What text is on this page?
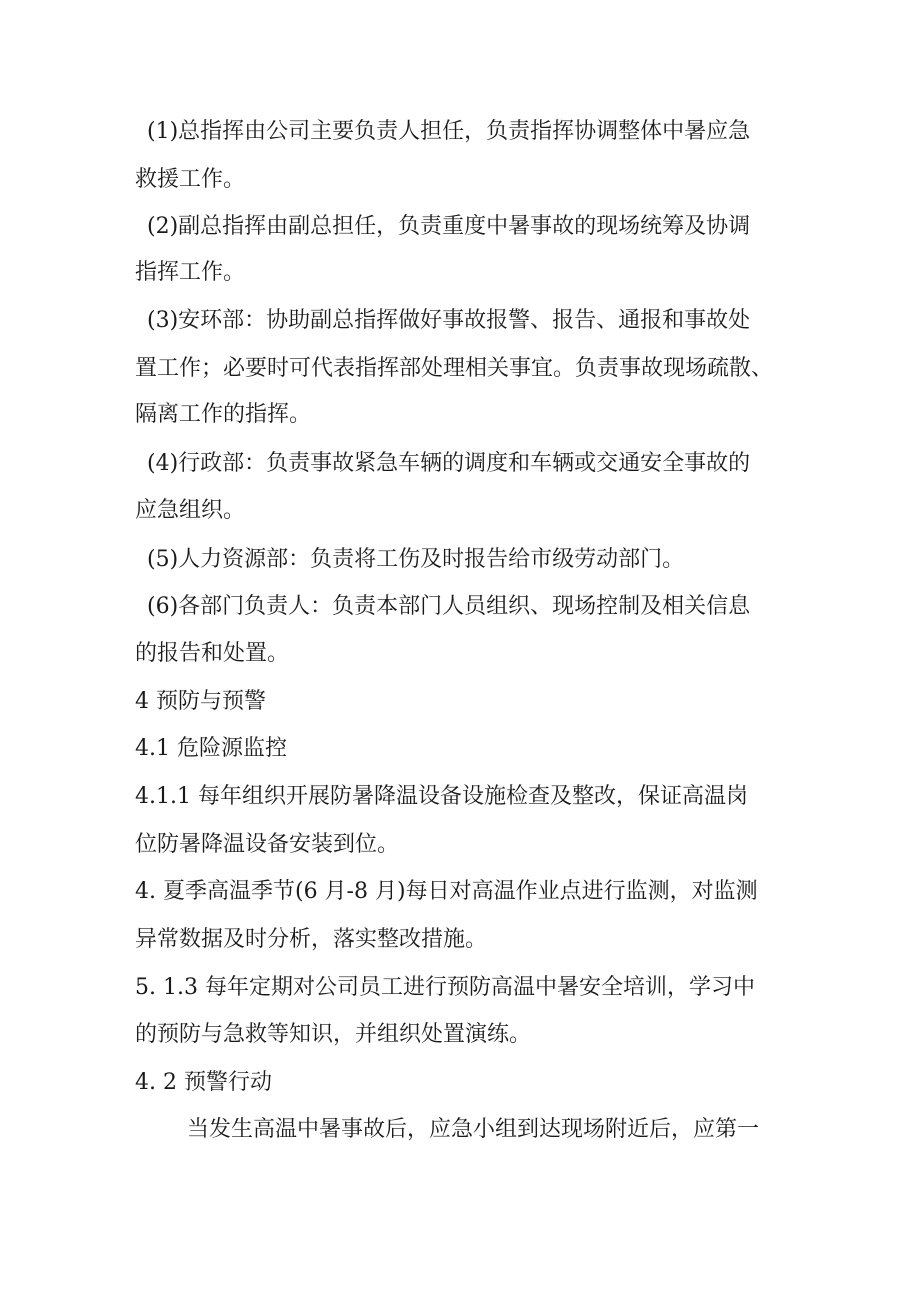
(1)总指挥由公司主要负责人担任，负责指挥协调整体中暑应急
救援工作。
(2)副总指挥由副总担任，负责重度中暑事故的现场统筹及协调
指挥工作。
(3)安环部：协助副总指挥做好事故报警、报告、通报和事故处
置工作；必要时可代表指挥部处理相关事宜。负责事故现场疏散、
隔离工作的指挥。
(4)行政部：负责事故紧急车辆的调度和车辆或交通安全事故的
应急组织。
(5)人力资源部：负责将工伤及时报告给市级劳动部门。
(6)各部门负责人：负责本部门人员组织、现场控制及相关信息
的报告和处置。
4 预防与预警
4.1 危险源监控
4.1.1 每年组织开展防暑降温设备设施检查及整改，保证高温岗
位防暑降温设备安装到位。
4. 夏季高温季节(6 月-8 月)每日对高温作业点进行监测，对监测
异常数据及时分析，落实整改措施。
5. 1.3 每年定期对公司员工进行预防高温中暑安全培训，学习中
的预防与急救等知识，并组织处置演练。
4. 2 预警行动
当发生高温中暑事故后，应急小组到达现场附近后，应第一
